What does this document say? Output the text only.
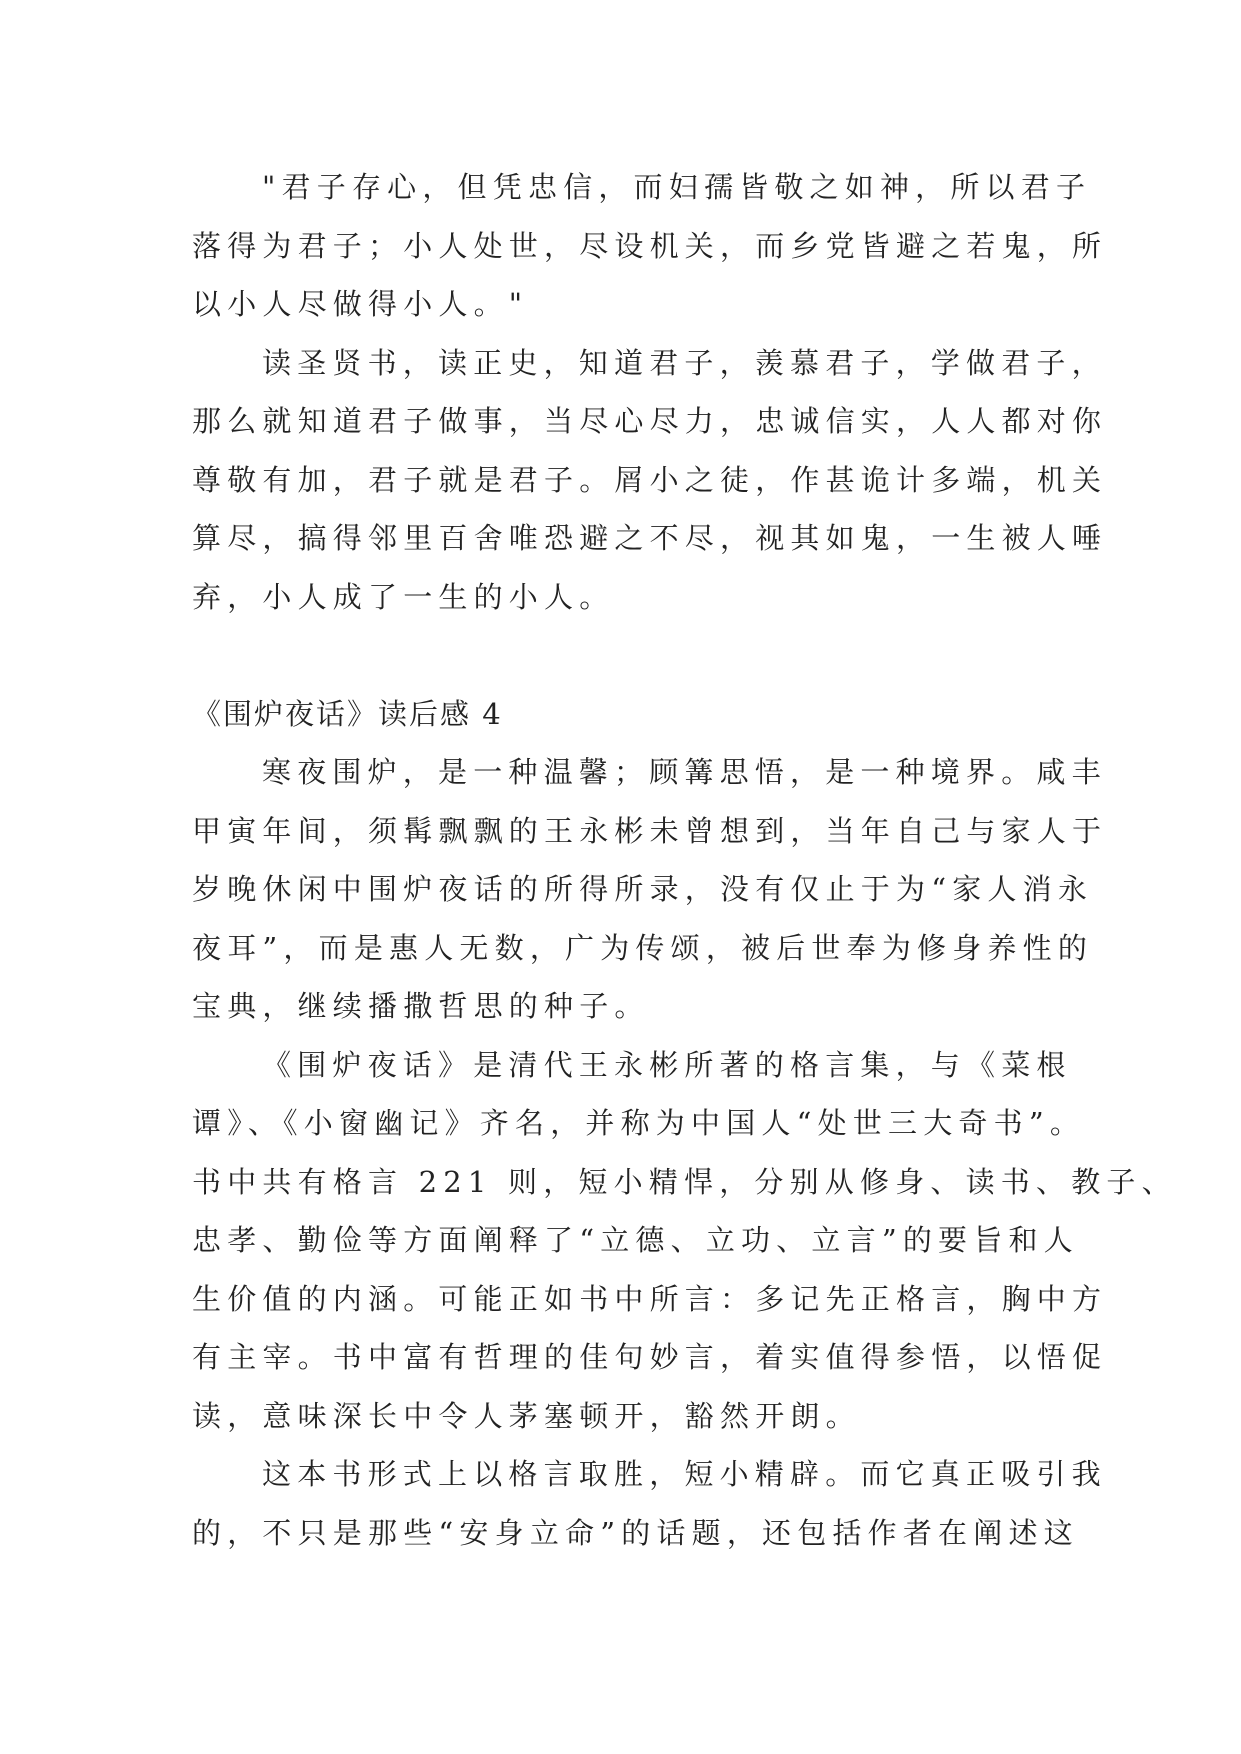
"君子存心，但凭忠信，而妇孺皆敬之如神，所以君子
落得为君子；小人处世，尽设机关，而乡党皆避之若鬼，所
以小人尽做得小人。"
读圣贤书，读正史，知道君子，羡慕君子，学做君子，
那么就知道君子做事，当尽心尽力，忠诚信实，人人都对你
尊敬有加，君子就是君子。屑小之徒，作甚诡计多端，机关
算尽，搞得邻里百舍唯恐避之不尽，视其如鬼，一生被人唾
弃，小人成了一生的小人。
《围炉夜话》读后感 4
寒夜围炉，是一种温馨；顾篝思悟，是一种境界。咸丰
甲寅年间，须髯飘飘的王永彬未曾想到，当年自己与家人于
岁晚休闲中围炉夜话的所得所录，没有仅止于为“家人消永
夜耳”，而是惠人无数，广为传颂，被后世奉为修身养性的
宝典，继续播撒哲思的种子。
《围炉夜话》是清代王永彬所著的格言集，与《菜根
谭》、《小窗幽记》齐名，并称为中国人“处世三大奇书”。
书中共有格言 221 则，短小精悍，分别从修身、读书、教子、
忠孝、勤俭等方面阐释了“立德、立功、立言”的要旨和人
生价值的内涵。可能正如书中所言：多记先正格言，胸中方
有主宰。书中富有哲理的佳句妙言，着实值得参悟，以悟促
读，意味深长中令人茅塞顿开，豁然开朗。
这本书形式上以格言取胜，短小精辟。而它真正吸引我
的，不只是那些“安身立命”的话题，还包括作者在阐述这
